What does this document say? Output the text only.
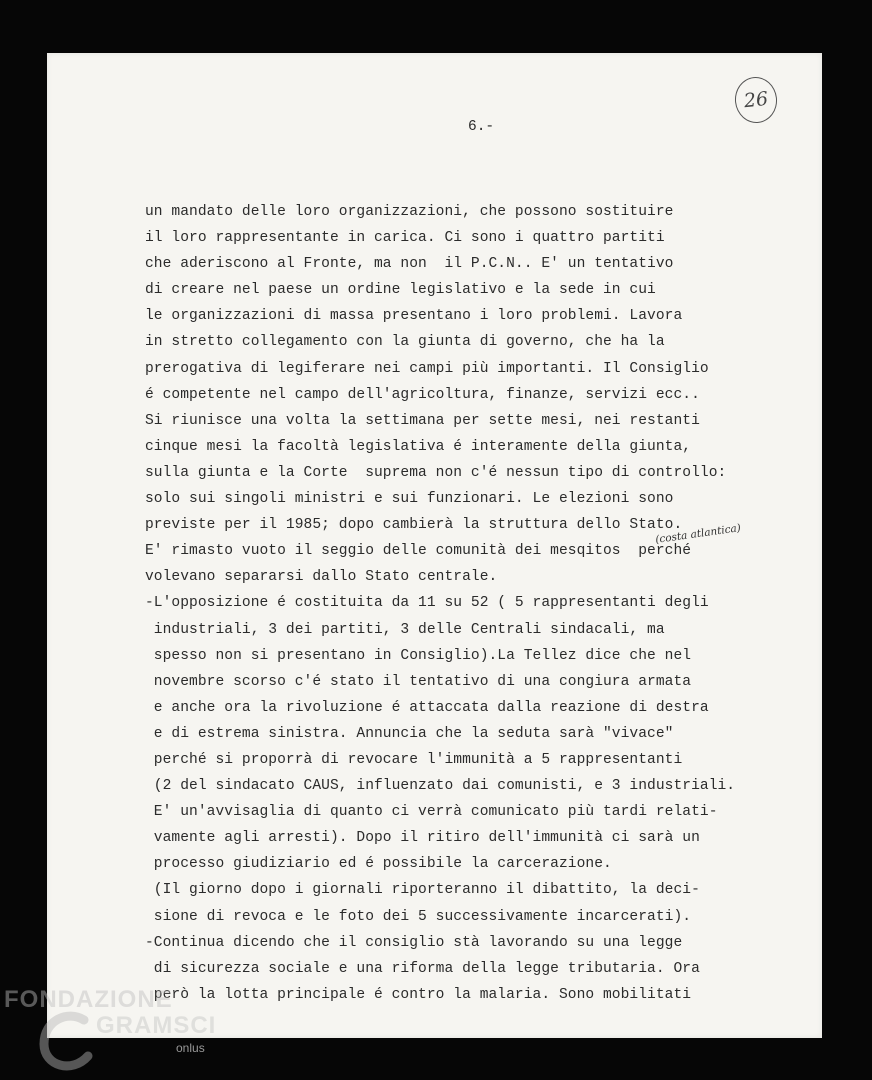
26
6.-
un mandato delle loro organizzazioni, che possono sostituire
il loro rappresentante in carica. Ci sono i quattro partiti
che aderiscono al Fronte, ma non  il P.C.N.. E' un tentativo
di creare nel paese un ordine legislativo e la sede in cui
le organizzazioni di massa presentano i loro problemi. Lavora
in stretto collegamento con la giunta di governo, che ha la
prerogativa di legiferare nei campi più importanti. Il Consiglio
é competente nel campo dell'agricoltura, finanze, servizi ecc..
Si riunisce una volta la settimana per sette mesi, nei restanti
cinque mesi la facoltà legislativa é interamente della giunta,
sulla giunta e la Corte  suprema non c'é nessun tipo di controllo:
solo sui singoli ministri e sui funzionari. Le elezioni sono
previste per il 1985; dopo cambierà la struttura dello Stato.
E' rimasto vuoto il seggio delle comunità dei mesqitos  perché
volevano separarsi dallo Stato centrale.
-L'opposizione é costituita da 11 su 52 ( 5 rappresentanti degli
industriali, 3 dei partiti, 3 delle Centrali sindacali, ma
spesso non si presentano in Consiglio).La Tellez dice che nel
novembre scorso c'é stato il tentativo di una congiura armata
e anche ora la rivoluzione é attaccata dalla reazione di destra
e di estrema sinistra. Annuncia che la seduta sarà "vivace"
perché si proporrà di revocare l'immunità a 5 rappresentanti
(2 del sindacato CAUS, influenzato dai comunisti, e 3 industriali.
E' un'avvisaglia di quanto ci verrà comunicato più tardi relati-
vamente agli arresti). Dopo il ritiro dell'immunità ci sarà un
processo giudiziario ed é possibile la carcerazione.
(Il giorno dopo i giornali riporteranno il dibattito, la deci-
sione di revoca e le foto dei 5 successivamente incarcerati).
-Continua dicendo che il consiglio stà lavorando su una legge
di sicurezza sociale e una riforma della legge tributaria. Ora
però la lotta principale é contro la malaria. Sono mobilitati
(costa atlantica)
FONDAZIONE
GRAMSCI
onlus
